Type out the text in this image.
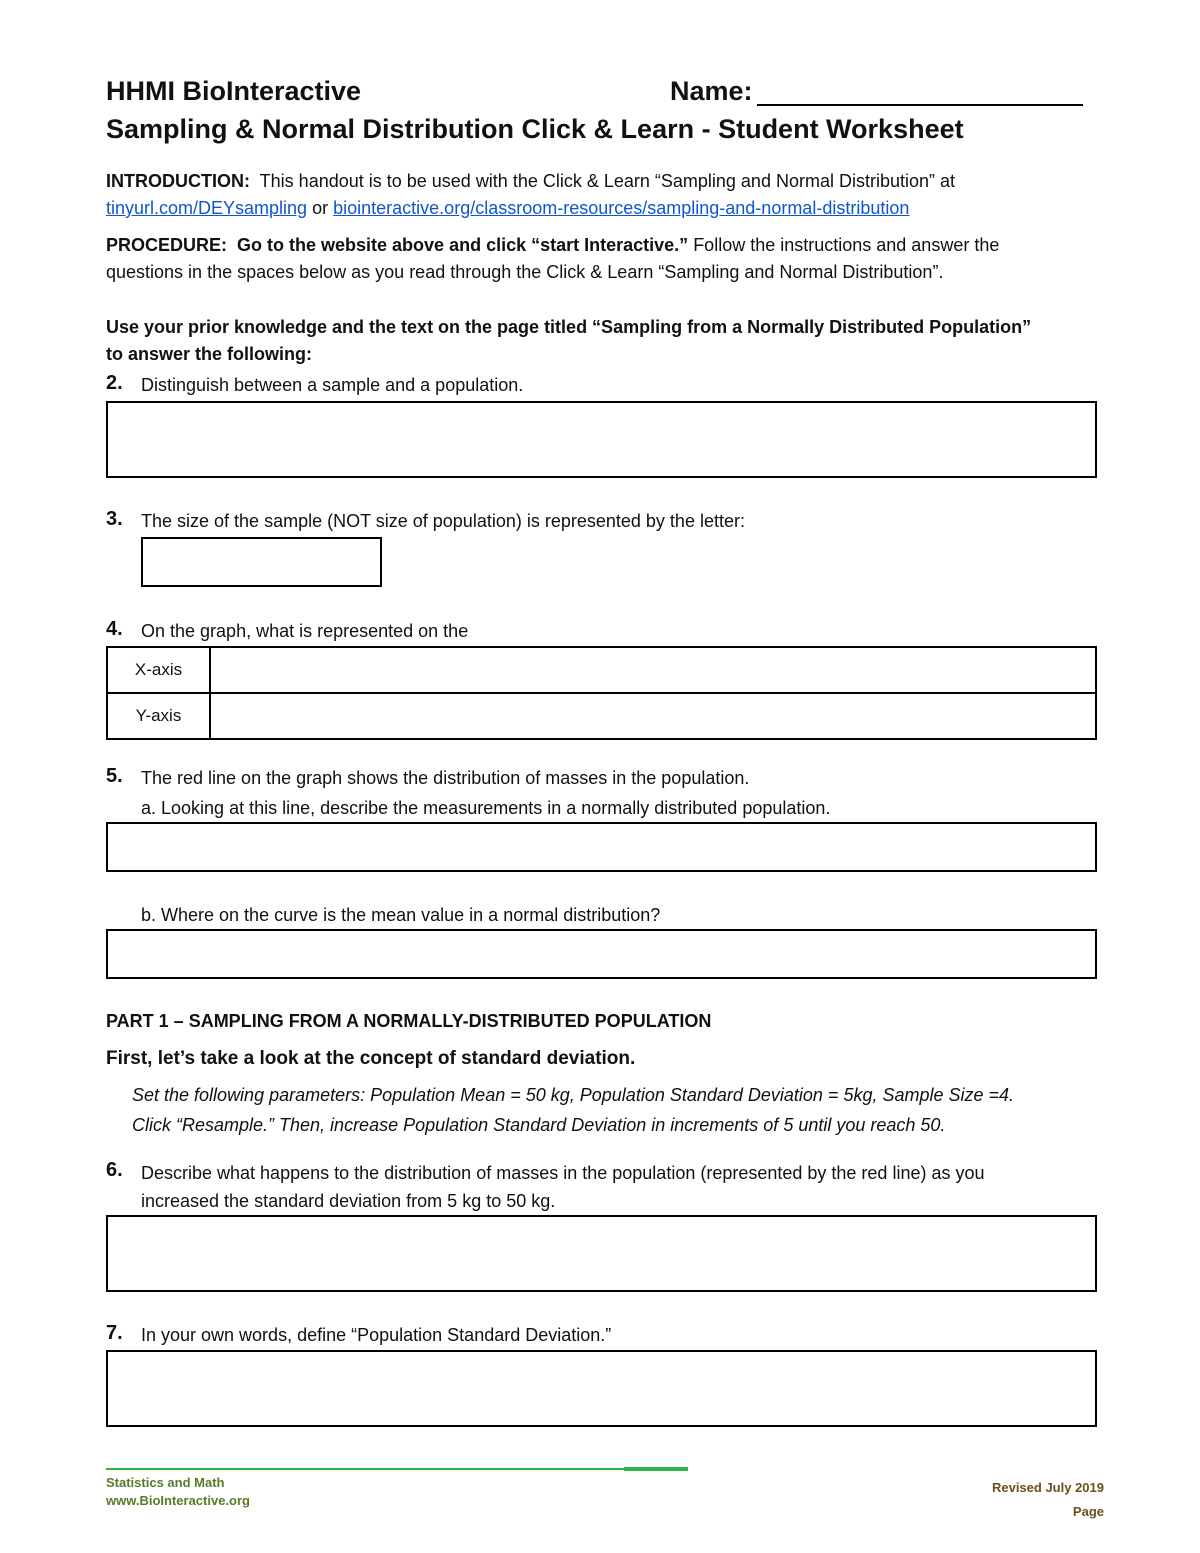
HHMI BioInteractive	Name:
Sampling & Normal Distribution Click & Learn - Student Worksheet
INTRODUCTION: This handout is to be used with the Click & Learn “Sampling and Normal Distribution” at
tinyurl.com/DEYsampling or biointeractive.org/classroom-resources/sampling-and-normal-distribution
PROCEDURE: Go to the website above and click “start Interactive.” Follow the instructions and answer the
questions in the spaces below as you read through the Click & Learn “Sampling and Normal Distribution”.
Use your prior knowledge and the text on the page titled “Sampling from a Normally Distributed Population”
to answer the following:
2. Distinguish between a sample and a population.
3. The size of the sample (NOT size of population) is represented by the letter:
4. On the graph, what is represented on the
X-axis	
Y-axis	
5. The red line on the graph shows the distribution of masses in the population.
a. Looking at this line, describe the measurements in a normally distributed population.
b. Where on the curve is the mean value in a normal distribution?
PART 1 – SAMPLING FROM A NORMALLY-DISTRIBUTED POPULATION
First, let’s take a look at the concept of standard deviation.
Set the following parameters: Population Mean = 50 kg, Population Standard Deviation = 5kg, Sample Size =4.
Click “Resample.” Then, increase Population Standard Deviation in increments of 5 until you reach 50.
6. Describe what happens to the distribution of masses in the population (represented by the red line) as you
increased the standard deviation from 5 kg to 50 kg.
7. In your own words, define “Population Standard Deviation.”
Statistics and Math
www.BioInteractive.org
Revised July 2019
Page
